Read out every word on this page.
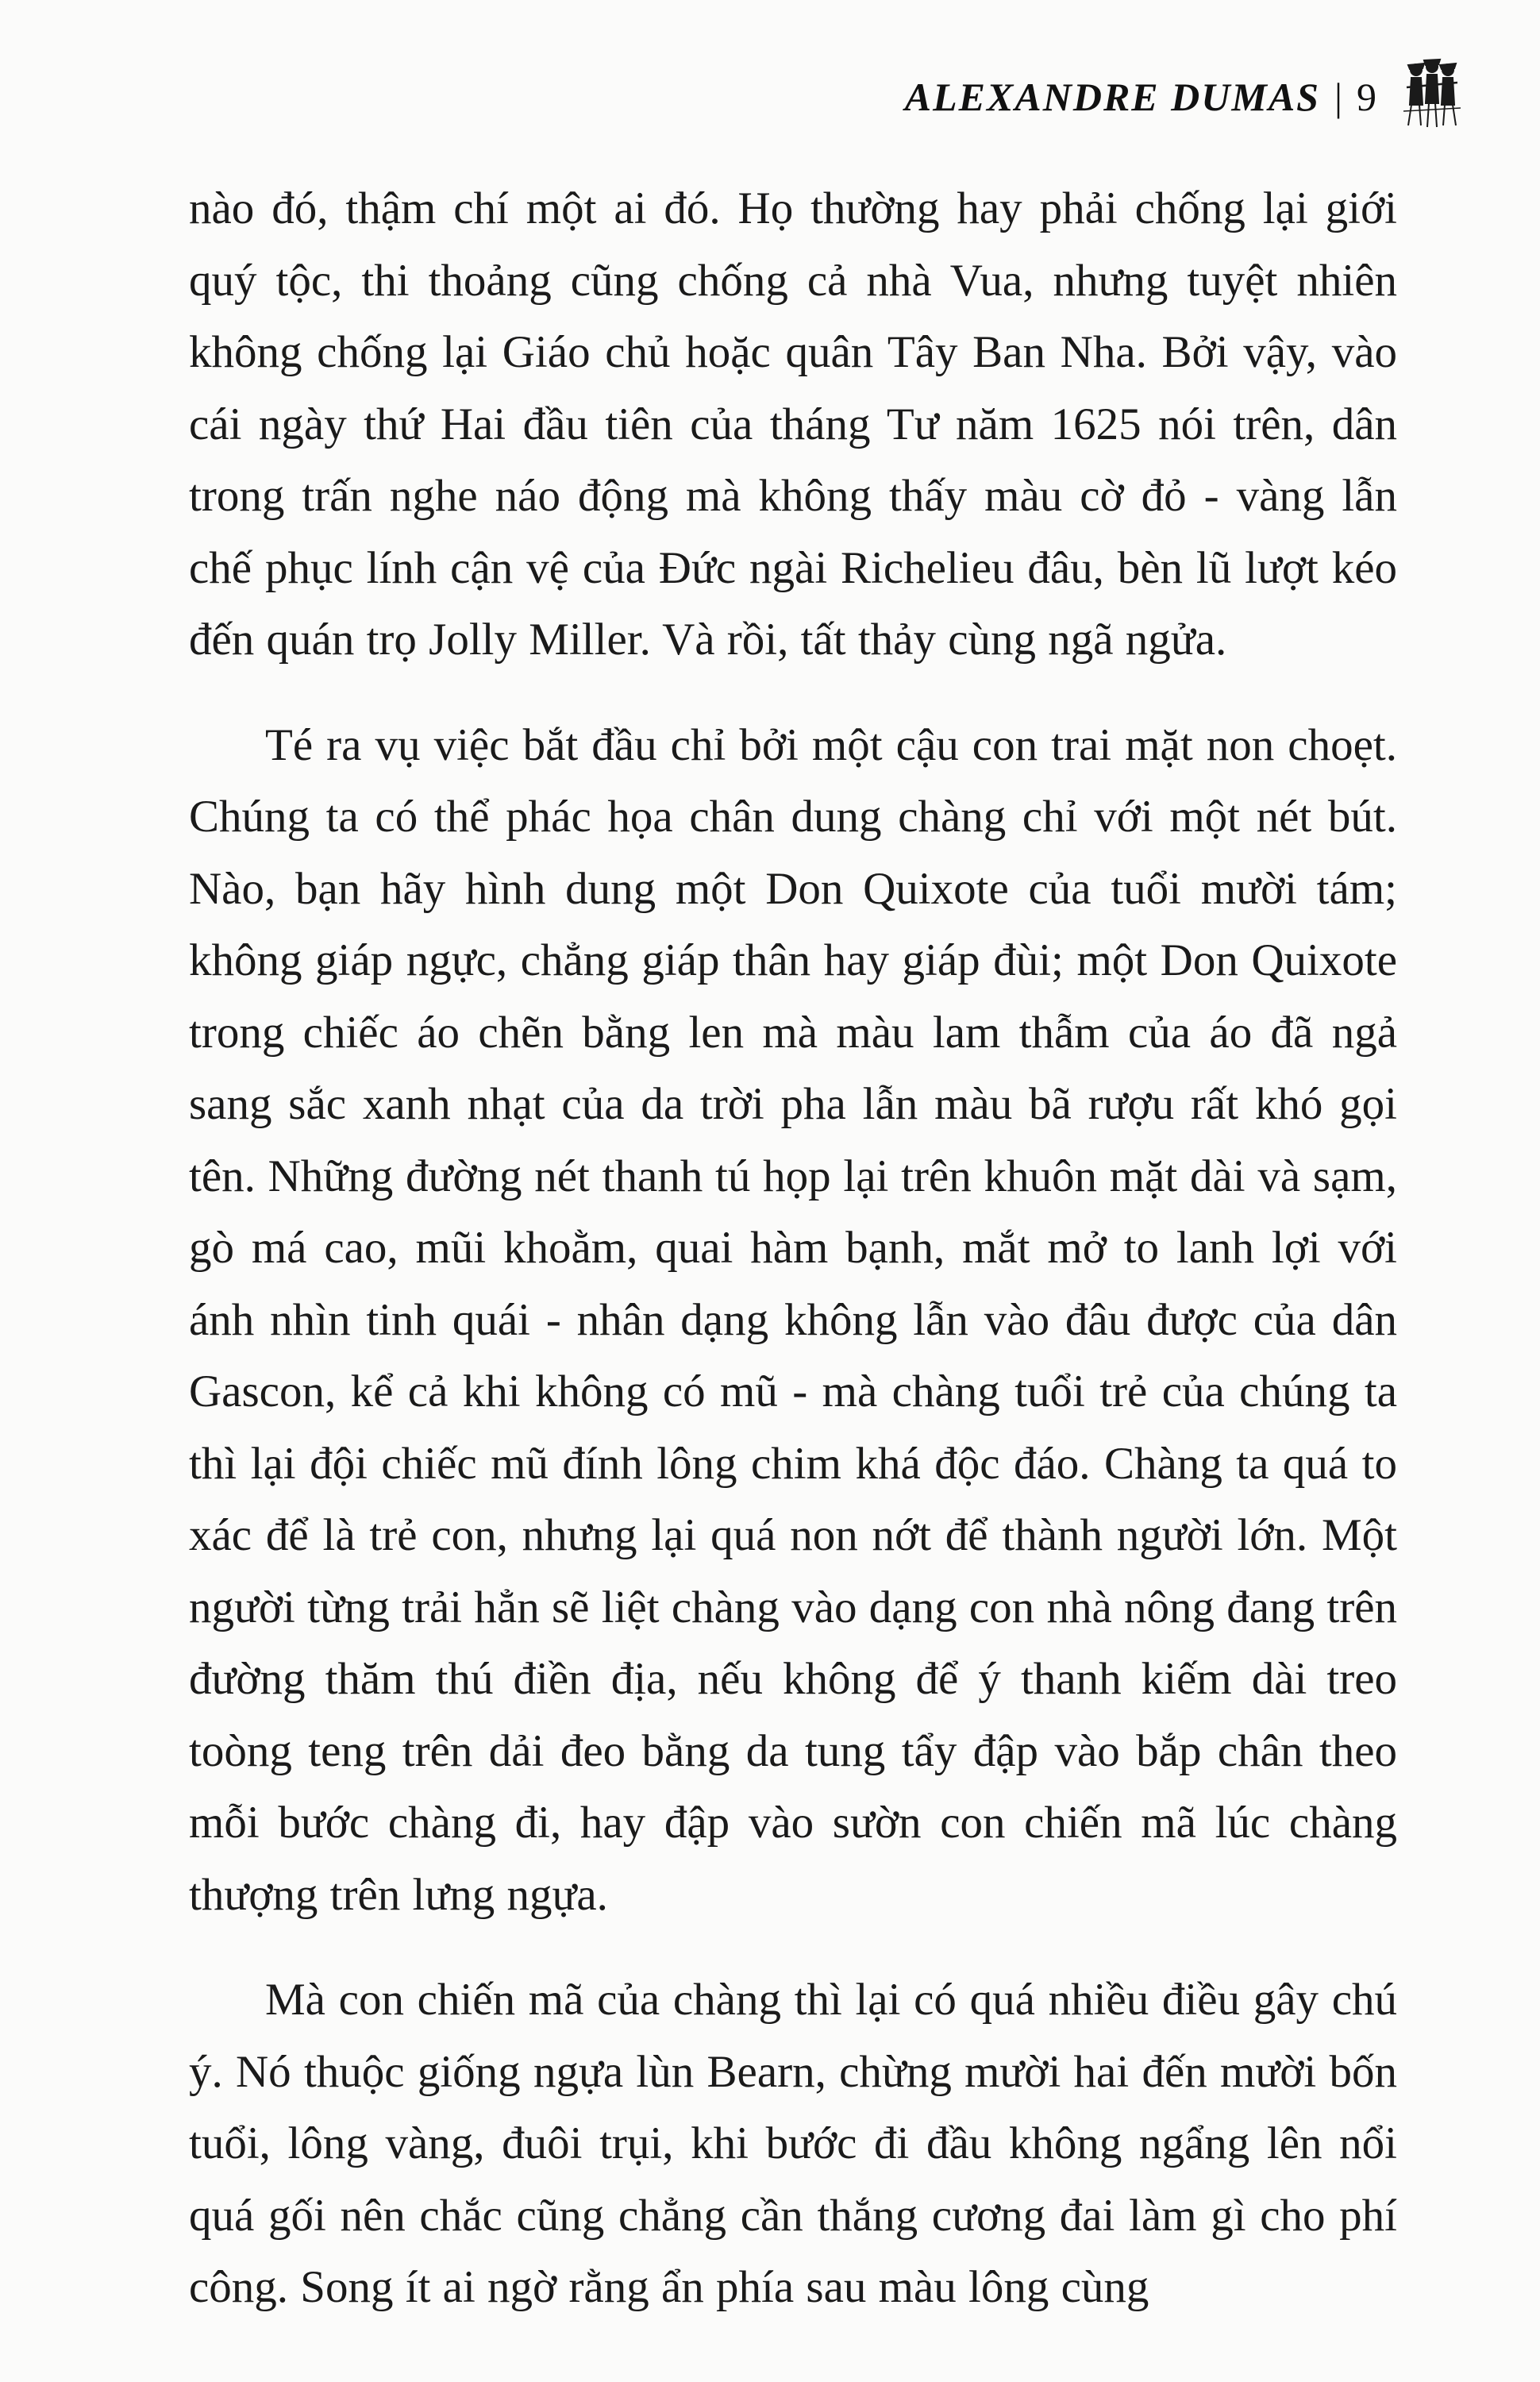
ALEXANDRE DUMAS | 9

nào đó, thậm chí một ai đó. Họ thường hay phải chống lại giới quý tộc, thi thoảng cũng chống cả nhà Vua, nhưng tuyệt nhiên không chống lại Giáo chủ hoặc quân Tây Ban Nha. Bởi vậy, vào cái ngày thứ Hai đầu tiên của tháng Tư năm 1625 nói trên, dân trong trấn nghe náo động mà không thấy màu cờ đỏ - vàng lẫn chế phục lính cận vệ của Đức ngài Richelieu đâu, bèn lũ lượt kéo đến quán trọ Jolly Miller. Và rồi, tất thảy cùng ngã ngửa.

Té ra vụ việc bắt đầu chỉ bởi một cậu con trai mặt non choẹt. Chúng ta có thể phác họa chân dung chàng chỉ với một nét bút. Nào, bạn hãy hình dung một Don Quixote của tuổi mười tám; không giáp ngực, chẳng giáp thân hay giáp đùi; một Don Quixote trong chiếc áo chẽn bằng len mà màu lam thẫm của áo đã ngả sang sắc xanh nhạt của da trời pha lẫn màu bã rượu rất khó gọi tên. Những đường nét thanh tú họp lại trên khuôn mặt dài và sạm, gò má cao, mũi khoằm, quai hàm bạnh, mắt mở to lanh lợi với ánh nhìn tinh quái - nhân dạng không lẫn vào đâu được của dân Gascon, kể cả khi không có mũ - mà chàng tuổi trẻ của chúng ta thì lại đội chiếc mũ đính lông chim khá độc đáo. Chàng ta quá to xác để là trẻ con, nhưng lại quá non nớt để thành người lớn. Một người từng trải hẳn sẽ liệt chàng vào dạng con nhà nông đang trên đường thăm thú điền địa, nếu không để ý thanh kiếm dài treo toòng teng trên dải đeo bằng da tung tẩy đập vào bắp chân theo mỗi bước chàng đi, hay đập vào sườn con chiến mã lúc chàng thượng trên lưng ngựa.

Mà con chiến mã của chàng thì lại có quá nhiều điều gây chú ý. Nó thuộc giống ngựa lùn Bearn, chừng mười hai đến mười bốn tuổi, lông vàng, đuôi trụi, khi bước đi đầu không ngẩng lên nổi quá gối nên chắc cũng chẳng cần thắng cương đai làm gì cho phí công. Song ít ai ngờ rằng ẩn phía sau màu lông cùng
